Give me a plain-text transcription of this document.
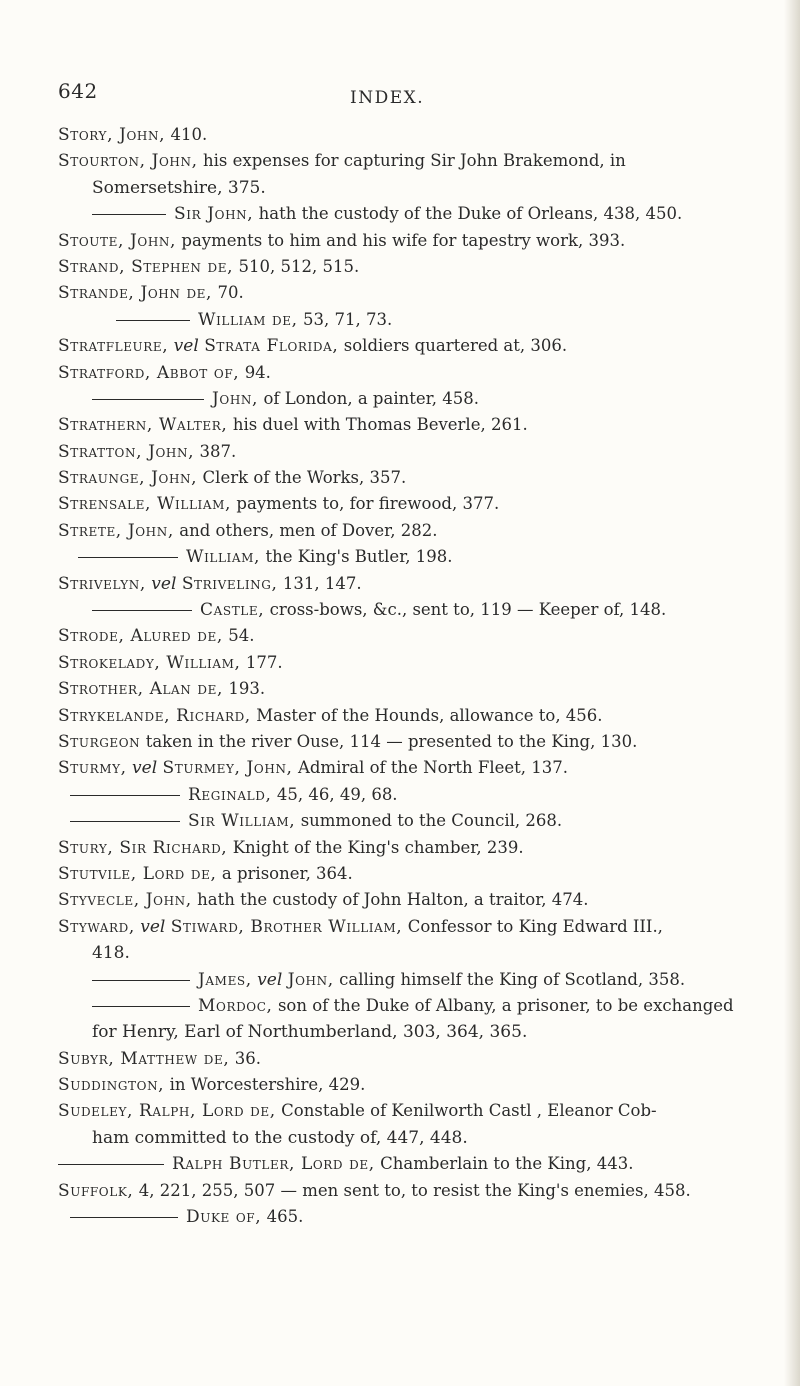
642	INDEX.
Story, John, 410.
Stourton, John, his expenses for capturing Sir John Brakemond, in
Somersetshire, 375.
Sir John, hath the custody of the Duke of Orleans, 438, 450.
Stoute, John, payments to him and his wife for tapestry work, 393.
Strand, Stephen de, 510, 512, 515.
Strande, John de, 70.
William de, 53, 71, 73.
Stratfleure, vel Strata Florida, soldiers quartered at, 306.
Stratford, Abbot of, 94.
John, of London, a painter, 458.
Strathern, Walter, his duel with Thomas Beverle, 261.
Stratton, John, 387.
Straunge, John, Clerk of the Works, 357.
Strensale, William, payments to, for firewood, 377.
Strete, John, and others, men of Dover, 282.
William, the King's Butler, 198.
Strivelyn, vel Striveling, 131, 147.
Castle, cross-bows, &c., sent to, 119 — Keeper of, 148.
Strode, Alured de, 54.
Strokelady, William, 177.
Strother, Alan de, 193.
Strykelande, Richard, Master of the Hounds, allowance to, 456.
Sturgeon taken in the river Ouse, 114 — presented to the King, 130.
Sturmy, vel Sturmey, John, Admiral of the North Fleet, 137.
Reginald, 45, 46, 49, 68.
Sir William, summoned to the Council, 268.
Stury, Sir Richard, Knight of the King's chamber, 239.
Stutvile, Lord de, a prisoner, 364.
Styvecle, John, hath the custody of John Halton, a traitor, 474.
Styward, vel Stiward, Brother William, Confessor to King Edward III.,
418.
James, vel John, calling himself the King of Scotland, 358.
Mordoc, son of the Duke of Albany, a prisoner, to be exchanged
for Henry, Earl of Northumberland, 303, 364, 365.
Subyr, Matthew de, 36.
Suddington, in Worcestershire, 429.
Sudeley, Ralph, Lord de, Constable of Kenilworth Castl , Eleanor Cob-
ham committed to the custody of, 447, 448.
Ralph Butler, Lord de, Chamberlain to the King, 443.
Suffolk, 4, 221, 255, 507 — men sent to, to resist the King's enemies, 458.
Duke of, 465.
